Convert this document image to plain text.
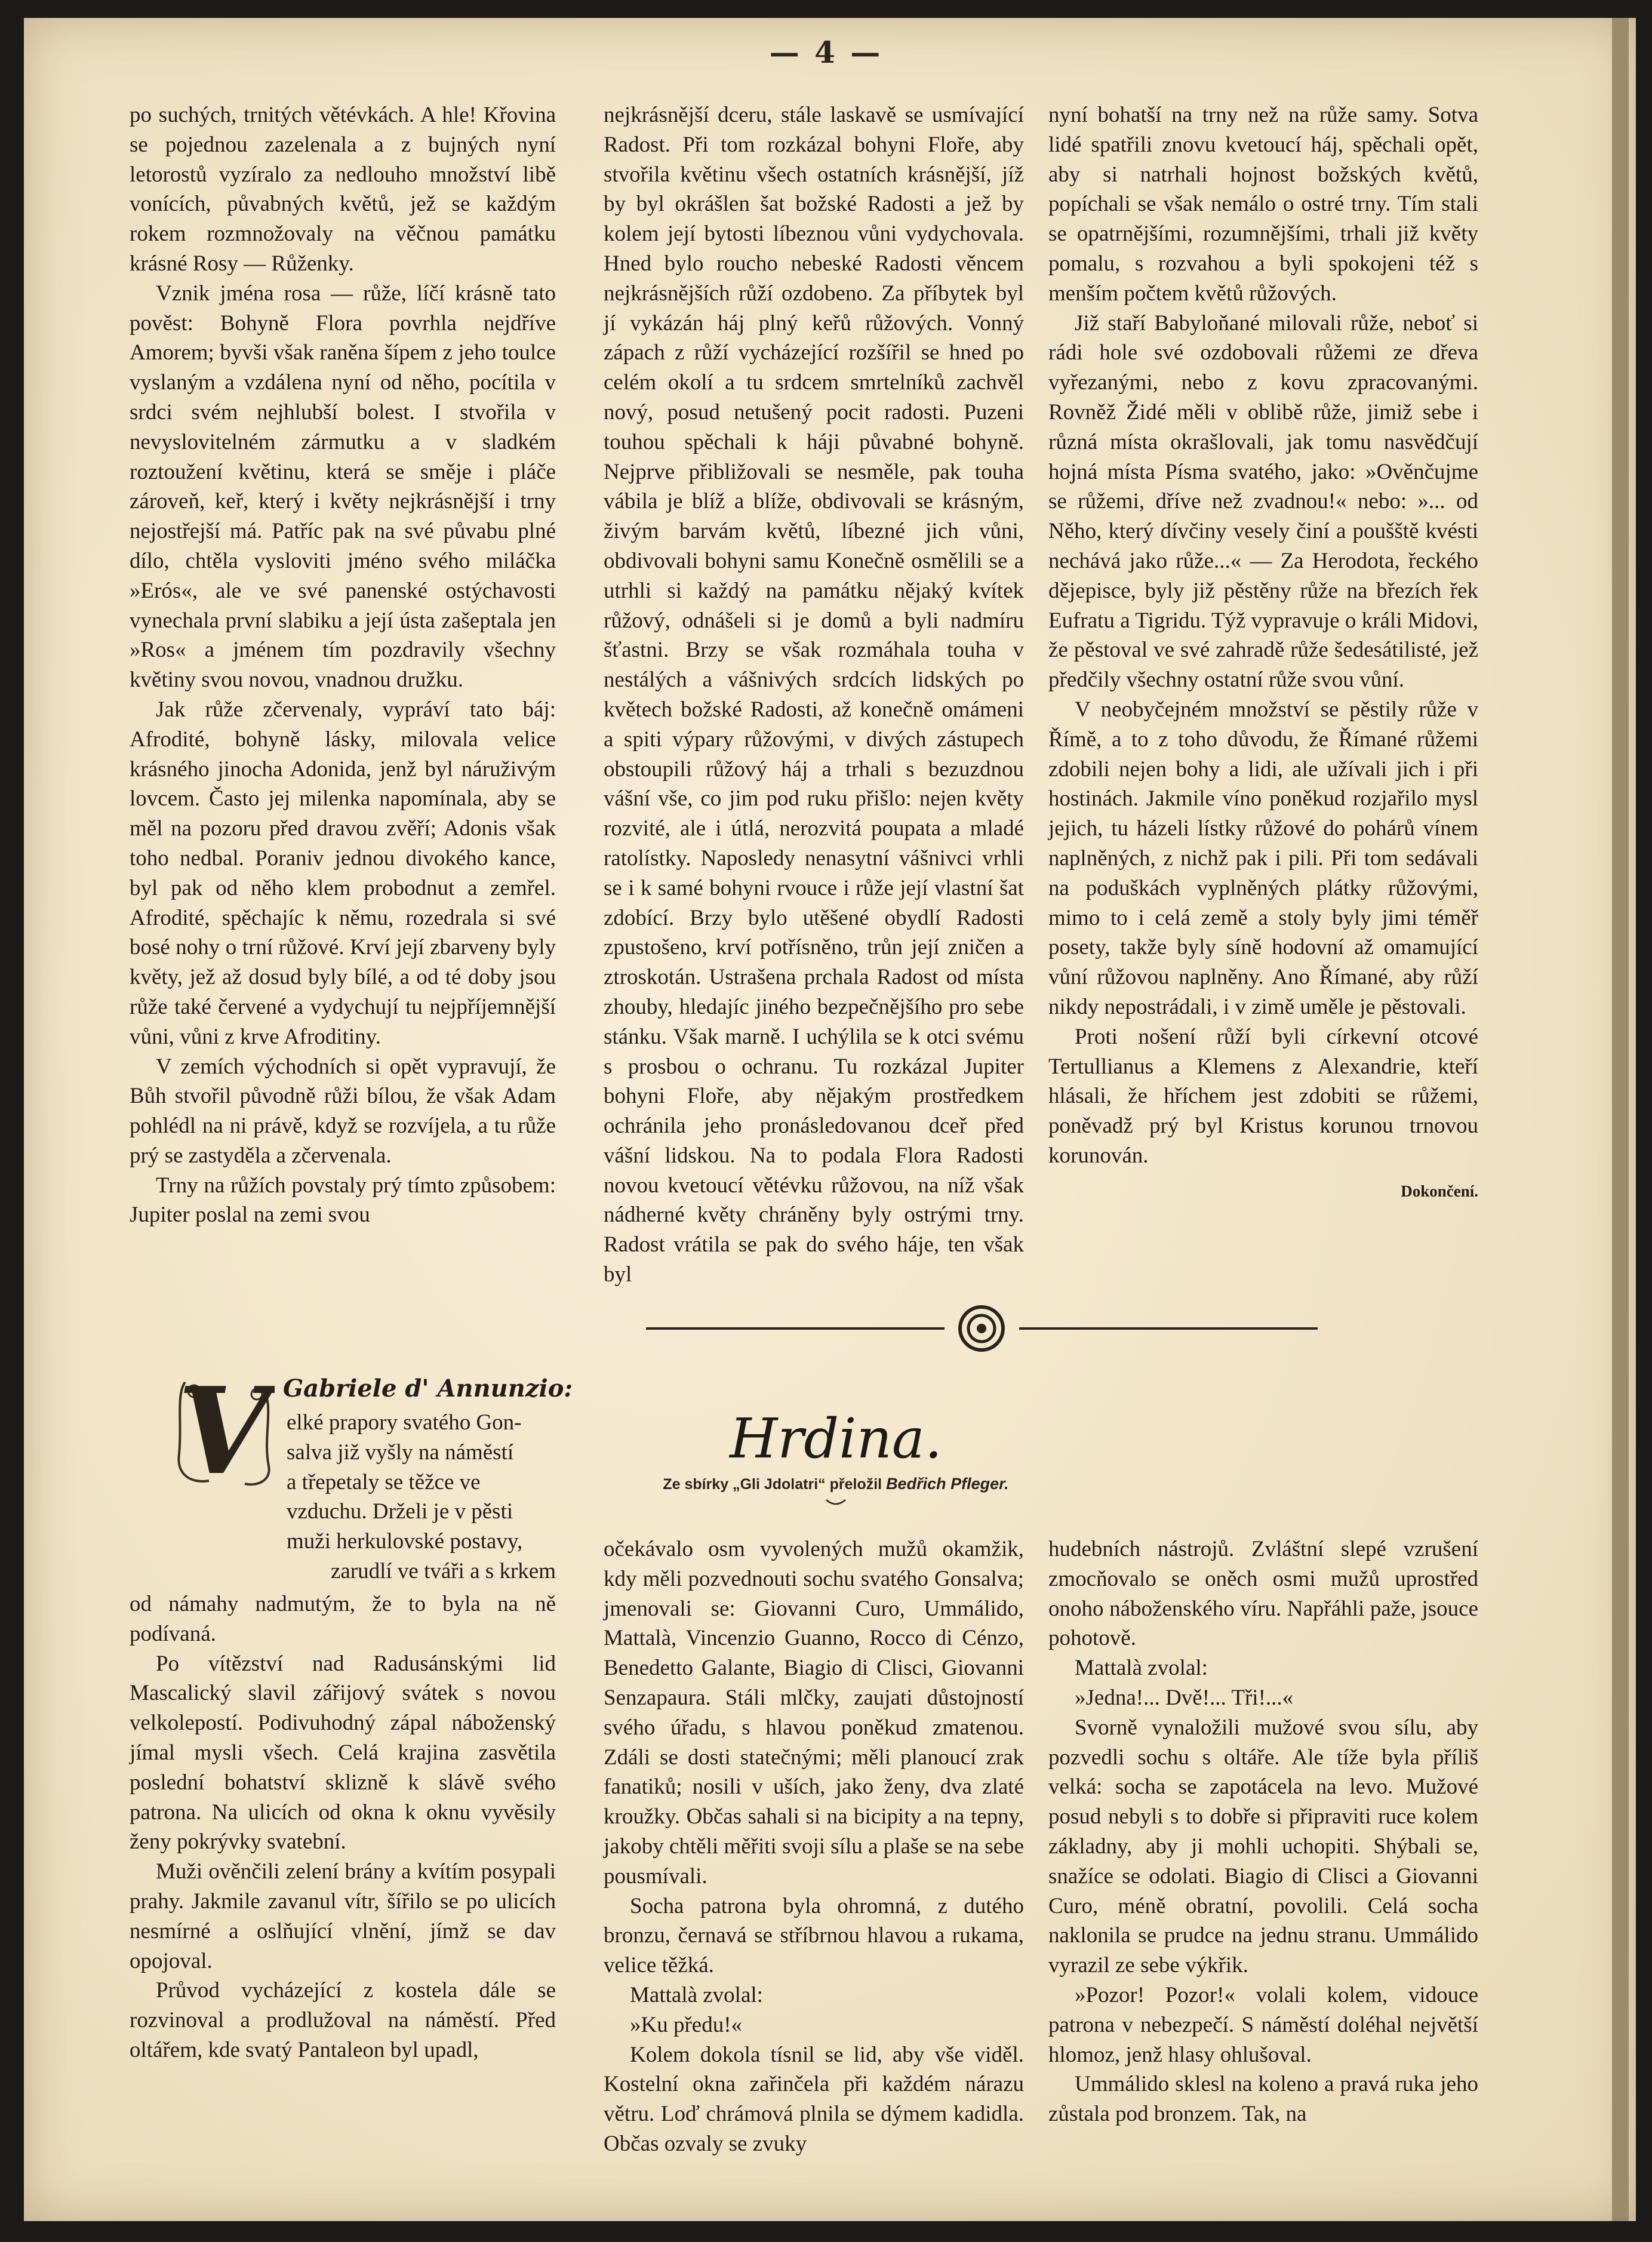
— 4 —

po suchých, trnitých větévkách. A hle! Křovina se pojednou zazelenala a z bujných nyní letorostů vyzíralo za nedlouho množství libě vonících, půvabných květů, jež se každým rokem rozmnožovaly na věčnou památku krásné Rosy — Růženky.

Vznik jména rosa — růže, líčí krásně tato pověst: Bohyně Flora povrhla nejdříve Amorem; byvši však raněna šípem z jeho toulce vyslaným a vzdálena nyní od něho, pocítila v srdci svém nejhlubší bolest. I stvořila v nevyslovitelném zármutku a v sladkém roztoužení květinu, která se směje i pláče zároveň, keř, který i květy nejkrásnější i trny nejostřejší má. Patříc pak na své půvabu plné dílo, chtěla vysloviti jméno svého miláčka »Erós«, ale ve své panenské ostýchavosti vynechala první slabiku a její ústa zašeptala jen »Ros« a jménem tím pozdravily všechny květiny svou novou, vnadnou družku.

Jak růže zčervenaly, vypráví tato báj: Afrodité, bohyně lásky, milovala velice krásného jinocha Adonida, jenž byl náruživým lovcem. Často jej milenka napomínala, aby se měl na pozoru před dravou zvěří; Adonis však toho nedbal. Poraniv jednou divokého kance, byl pak od něho klem probodnut a zemřel. Afrodité, spěchajíc k němu, rozedrala si své bosé nohy o trní růžové. Krví její zbarveny byly květy, jež až dosud byly bílé, a od té doby jsou růže také červené a vydychují tu nejpříjemnější vůni, vůni z krve Afroditiny.

V zemích východních si opět vypravují, že Bůh stvořil původně růži bílou, že však Adam pohlédl na ni právě, když se rozvíjela, a tu růže prý se zastyděla a zčervenala.

Trny na růžích povstaly prý tímto způsobem: Jupiter poslal na zemi svou

nejkrásnější dceru, stále laskavě se usmívající Radost. Při tom rozkázal bohyni Floře, aby stvořila květinu všech ostatních krásnější, jíž by byl okrášlen šat božské Radosti a jež by kolem její bytosti líbeznou vůni vydychovala. Hned bylo roucho nebeské Radosti věncem nejkrásnějších růží ozdobeno. Za příbytek byl jí vykázán háj plný keřů růžových. Vonný zápach z růží vycházející rozšířil se hned po celém okolí a tu srdcem smrtelníků zachvěl nový, posud netušený pocit radosti. Puzeni touhou spěchali k háji půvabné bohyně. Nejprve přibližovali se nesměle, pak touha vábila je blíž a blíže, obdivovali se krásným, živým barvám květů, líbezné jich vůni, obdivovali bohyni samu Konečně osmělili se a utrhli si každý na památku nějaký kvítek růžový, odnášeli si je domů a byli nadmíru šťastni. Brzy se však rozmáhala touha v nestálých a vášnivých srdcích lidských po květech božské Radosti, až konečně omámeni a spiti výpary růžovými, v divých zástupech obstoupili růžový háj a trhali s bezuzdnou vášní vše, co jim pod ruku přišlo: nejen květy rozvité, ale i útlá, nerozvitá poupata a mladé ratolístky. Naposledy nenasytní vášnivci vrhli se i k samé bohyni rvouce i růže její vlastní šat zdobící. Brzy bylo utěšené obydlí Radosti zpustošeno, krví potřísněno, trůn její zničen a ztroskotán. Ustrašena prchala Radost od místa zhouby, hledajíc jiného bezpečnějšího pro sebe stánku. Však marně. I uchýlila se k otci svému s prosbou o ochranu. Tu rozkázal Jupiter bohyni Floře, aby nějakým prostředkem ochránila jeho pronásledovanou dceř před vášní lidskou. Na to podala Flora Radosti novou kvetoucí větévku růžovou, na níž však nádherné květy chráněny byly ostrými trny. Radost vrátila se pak do svého háje, ten však byl

nyní bohatší na trny než na růže samy. Sotva lidé spatřili znovu kvetoucí háj, spěchali opět, aby si natrhali hojnost božských květů, popíchali se však nemálo o ostré trny. Tím stali se opatrnějšími, rozumnějšími, trhali již květy pomalu, s rozvahou a byli spokojeni též s menším počtem květů růžových.

Již staří Babyloňané milovali růže, neboť si rádi hole své ozdobovali růžemi ze dřeva vyřezanými, nebo z kovu zpracovanými. Rovněž Židé měli v oblibě růže, jimiž sebe i různá místa okrašlovali, jak tomu nasvědčují hojná místa Písma svatého, jako: »Ověnčujme se růžemi, dříve než zvadnou!« nebo: »... od Něho, který dívčiny vesely činí a poušště kvésti nechává jako růže...« — Za Herodota, řeckého dějepisce, byly již pěstěny růže na březích řek Eufratu a Tigridu. Týž vypravuje o králi Midovi, že pěstoval ve své zahradě růže šedesátilisté, jež předčily všechny ostatní růže svou vůní.

V neobyčejném množství se pěstily růže v Římě, a to z toho důvodu, že Římané růžemi zdobili nejen bohy a lidi, ale užívali jich i při hostinách. Jakmile víno poněkud rozjařilo mysl jejich, tu házeli lístky růžové do pohárů vínem naplněných, z nichž pak i pili. Při tom sedávali na poduškách vyplněných plátky růžovými, mimo to i celá země a stoly byly jimi téměř posety, takže byly síně hodovní až omamující vůní růžovou naplněny. Ano Římané, aby růží nikdy nepostrádali, i v zimě uměle je pěstovali.

Proti nošení růží byli církevní otcové Tertullianus a Klemens z Alexandrie, kteří hlásali, že hříchem jest zdobiti se růžemi, poněvadž prý byl Kristus korunou trnovou korunován.

Dokončení.
V Gabriele d' Annunzio:
Hrdina.
Ze sbírky „Gli Jdolatri“ přeložil Bedřich Pfleger.
elké prapory svatého Gon-
salva již vyšly na náměstí
a třepetaly se těžce ve
vzduchu. Drželi je v pěsti
muži herkulovské postavy,
zarudlí ve tváři a s krkem

od námahy nadmutým, že to byla na ně podívaná.

Po vítězství nad Radusánskými lid Mascalický slavil zářijový svátek s novou velkolepostí. Podivuhodný zápal náboženský jímal mysli všech. Celá krajina zasvětila poslední bohatství sklizně k slávě svého patrona. Na ulicích od okna k oknu vyvěsily ženy pokrývky svatební.

Muži ověnčili zelení brány a kvítím posypali prahy. Jakmile zavanul vítr, šířilo se po ulicích nesmírné a oslňující vlnění, jímž se dav opojoval.

Průvod vycházející z kostela dále se rozvinoval a prodlužoval na náměstí. Před oltářem, kde svatý Pantaleon byl upadl,

očekávalo osm vyvolených mužů okamžik, kdy měli pozvednouti sochu svatého Gonsalva; jmenovali se: Giovanni Curo, Ummálido, Mattalà, Vincenzio Guanno, Rocco di Cénzo, Benedetto Galante, Biagio di Clisci, Giovanni Senzapaura. Stáli mlčky, zaujati důstojností svého úřadu, s hlavou poněkud zmatenou. Zdáli se dosti statečnými; měli planoucí zrak fanatiků; nosili v uších, jako ženy, dva zlaté kroužky. Občas sahali si na bicipity a na tepny, jakoby chtěli měřiti svoji sílu a plaše se na sebe pousmívali.

Socha patrona byla ohromná, z dutého bronzu, černavá se stříbrnou hlavou a rukama, velice těžká.

Mattalà zvolal:

»Ku předu!«

Kolem dokola tísnil se lid, aby vše viděl. Kostelní okna zařinčela při každém nárazu větru. Loď chrámová plnila se dýmem kadidla. Občas ozvaly se zvuky

hudebních nástrojů. Zvláštní slepé vzrušení zmocňovalo se oněch osmi mužů uprostřed onoho náboženského víru. Napřáhli paže, jsouce pohotově.

Mattalà zvolal:

»Jedna!... Dvě!... Tři!...«

Svorně vynaložili mužové svou sílu, aby pozvedli sochu s oltáře. Ale tíže byla příliš velká: socha se zapotácela na levo. Mužové posud nebyli s to dobře si připraviti ruce kolem základny, aby ji mohli uchopiti. Shýbali se, snažíce se odolati. Biagio di Clisci a Giovanni Curo, méně obratní, povolili. Celá socha naklonila se prudce na jednu stranu. Ummálido vyrazil ze sebe výkřik.

»Pozor! Pozor!« volali kolem, vidouce patrona v nebezpečí. S náměstí doléhal největší hlomoz, jenž hlasy ohlušoval.

Ummálido sklesl na koleno a pravá ruka jeho zůstala pod bronzem. Tak, na
